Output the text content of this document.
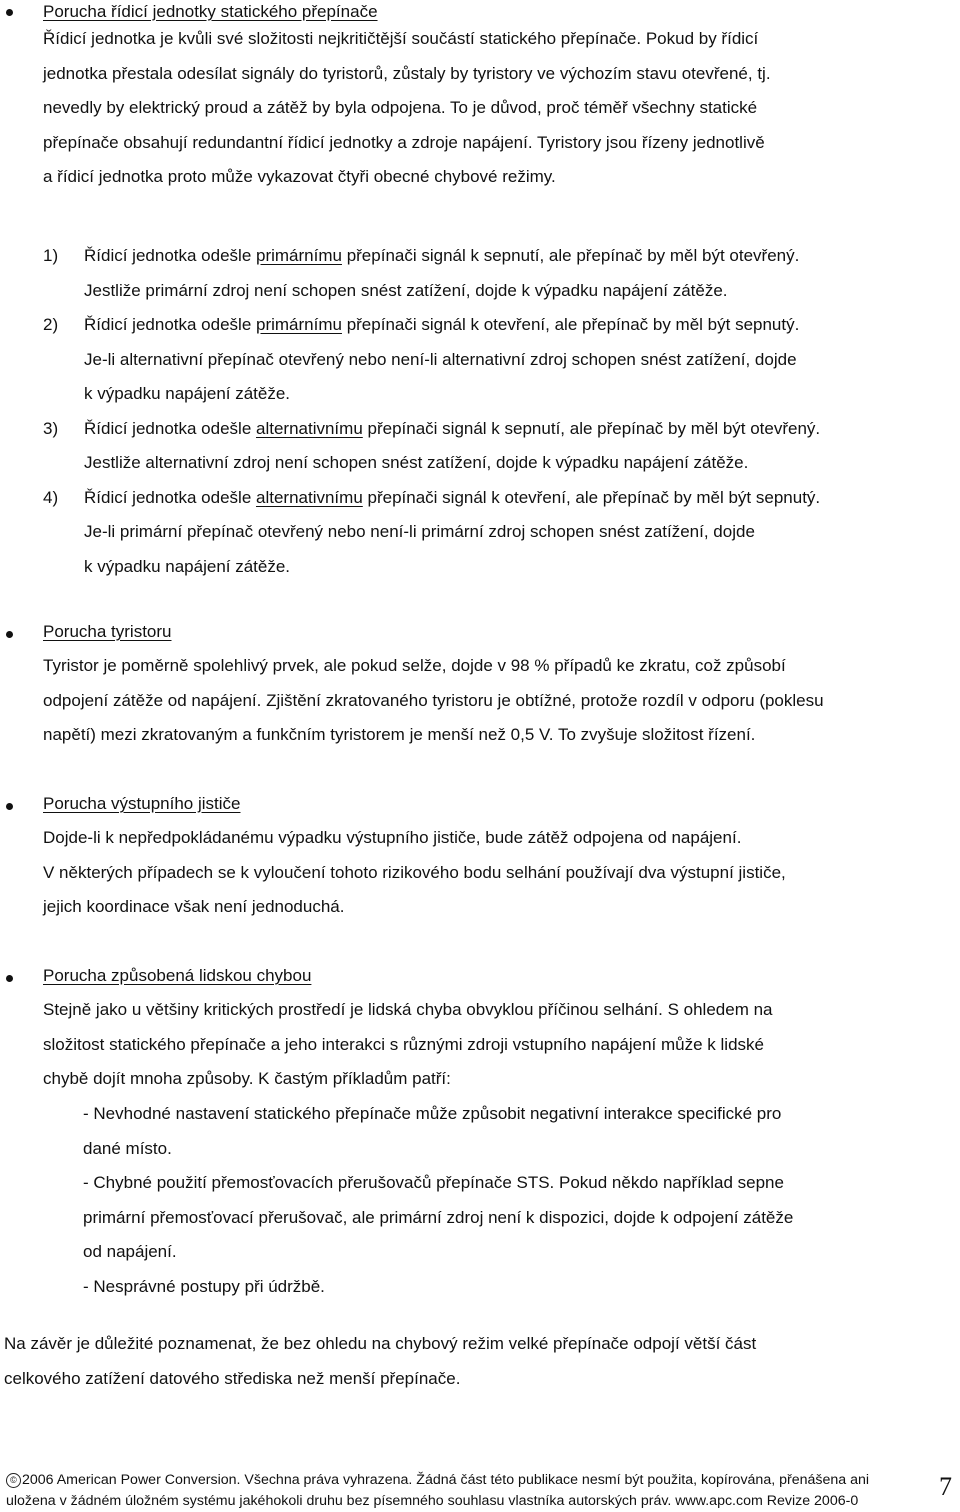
Porucha řídicí jednotky statického přepínače
Řídicí jednotka je kvůli své složitosti nejkritičtější součástí statického přepínače. Pokud by řídicí
jednotka přestala odesílat signály do tyristorů, zůstaly by tyristory ve výchozím stavu otevřené, tj.
nevedly by elektrický proud a zátěž by byla odpojena. To je důvod, proč téměř všechny statické
přepínače obsahují redundantní řídicí jednotky a zdroje napájení. Tyristory jsou řízeny jednotlivě
a řídicí jednotka proto může vykazovat čtyři obecné chybové režimy.
1) Řídicí jednotka odešle primárnímu přepínači signál k sepnutí, ale přepínač by měl být otevřený.
Jestliže primární zdroj není schopen snést zatížení, dojde k výpadku napájení zátěže.
2) Řídicí jednotka odešle primárnímu přepínači signál k otevření, ale přepínač by měl být sepnutý.
Je-li alternativní přepínač otevřený nebo není-li alternativní zdroj schopen snést zatížení, dojde
k výpadku napájení zátěže.
3) Řídicí jednotka odešle alternativnímu přepínači signál k sepnutí, ale přepínač by měl být otevřený.
Jestliže alternativní zdroj není schopen snést zatížení, dojde k výpadku napájení zátěže.
4) Řídicí jednotka odešle alternativnímu přepínači signál k otevření, ale přepínač by měl být sepnutý.
Je-li primární přepínač otevřený nebo není-li primární zdroj schopen snést zatížení, dojde
k výpadku napájení zátěže.
Porucha tyristoru
Tyristor je poměrně spolehlivý prvek, ale pokud selže, dojde v 98 % případů ke zkratu, což způsobí
odpojení zátěže od napájení. Zjištění zkratovaného tyristoru je obtížné, protože rozdíl v odporu (poklesu
napětí) mezi zkratovaným a funkčním tyristorem je menší než 0,5 V. To zvyšuje složitost řízení.
Porucha výstupního jističe
Dojde-li k nepředpokládanému výpadku výstupního jističe, bude zátěž odpojena od napájení.
V některých případech se k vyloučení tohoto rizikového bodu selhání používají dva výstupní jističe,
jejich koordinace však není jednoduchá.
Porucha způsobená lidskou chybou
Stejně jako u většiny kritických prostředí je lidská chyba obvyklou příčinou selhání. S ohledem na
složitost statického přepínače a jeho interakci s různými zdroji vstupního napájení může k lidské
chybě dojít mnoha způsoby. K častým příkladům patří:
- Nevhodné nastavení statického přepínače může způsobit negativní interakce specifické pro
dané místo.
- Chybné použití přemosťovacích přerušovačů přepínače STS. Pokud někdo například sepne
primární přemosťovací přerušovač, ale primární zdroj není k dispozici, dojde k odpojení zátěže
od napájení.
- Nesprávné postupy při údržbě.
Na závěr je důležité poznamenat, že bez ohledu na chybový režim velké přepínače odpojí větší část
celkového zatížení datového střediska než menší přepínače.
© 2006 American Power Conversion. Všechna práva vyhrazena. Žádná část této publikace nesmí být použita, kopírována, přenášena ani
uložena v žádném úložném systému jakéhokoli druhu bez písemného souhlasu vlastníka autorských práv. www.apc.com Revize 2006-0	7
